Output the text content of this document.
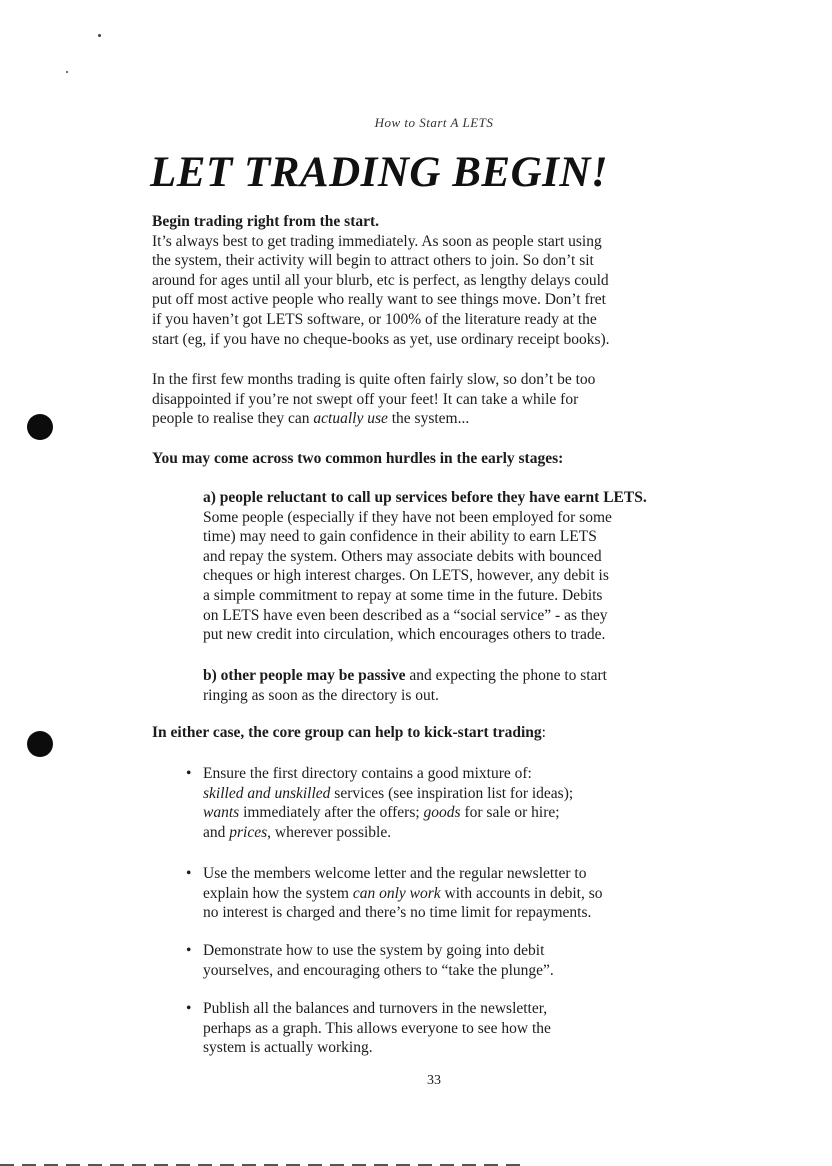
How to Start A LETS
LET TRADING BEGIN!
Begin trading right from the start.
It’s always best to get trading immediately. As soon as people start using
the system, their activity will begin to attract others to join. So don’t sit
around for ages until all your blurb, etc is perfect, as lengthy delays could
put off most active people who really want to see things move. Don’t fret
if you haven’t got LETS software, or 100% of the literature ready at the
start (eg, if you have no cheque-books as yet, use ordinary receipt books).
In the first few months trading is quite often fairly slow, so don’t be too
disappointed if you’re not swept off your feet! It can take a while for
people to realise they can actually use the system...
You may come across two common hurdles in the early stages:
a) people reluctant to call up services before they have earnt LETS.
Some people (especially if they have not been employed for some
time) may need to gain confidence in their ability to earn LETS
and repay the system. Others may associate debits with bounced
cheques or high interest charges. On LETS, however, any debit is
a simple commitment to repay at some time in the future. Debits
on LETS have even been described as a “social service” - as they
put new credit into circulation, which encourages others to trade.
b) other people may be passive and expecting the phone to start
ringing as soon as the directory is out.
In either case, the core group can help to kick-start trading:
• Ensure the first directory contains a good mixture of:
skilled and unskilled services (see inspiration list for ideas);
wants immediately after the offers; goods for sale or hire;
and prices, wherever possible.
• Use the members welcome letter and the regular newsletter to
explain how the system can only work with accounts in debit, so
no interest is charged and there’s no time limit for repayments.
• Demonstrate how to use the system by going into debit
yourselves, and encouraging others to “take the plunge”.
• Publish all the balances and turnovers in the newsletter,
perhaps as a graph. This allows everyone to see how the
system is actually working.
33
